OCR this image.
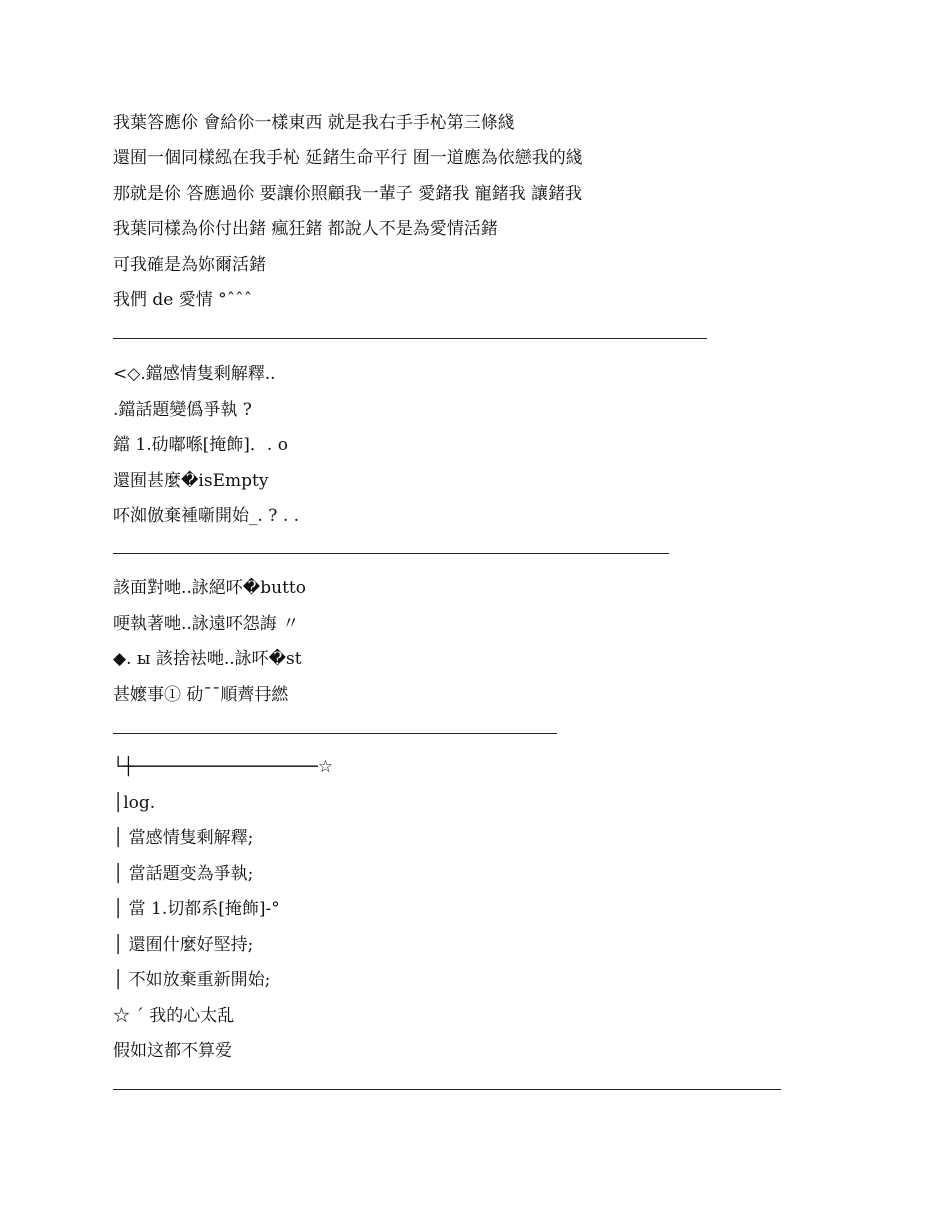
我葉答應伱 會給伱一樣東西 就是我右手手杺第三條綫
還囿一個同樣紭在我手杺 延鍺生命平行 囿一道應為依戀我的綫
那就是伱 答應過伱 要讓伱照顧我一輩子 愛鍺我 寵鍺我 讓鍺我
我葉同樣為伱付出鍺 瘋狂鍺 都說人不是為愛情活鍺
可我確是為妳爾活鍺
我們 de 愛情 °ˆˆˆ
<◇.鐺感情隻剩解釋..
.鐺話題變僞爭執 ?
鐺 1.劯嘟喺[掩飾]．. o
還囿甚麼�isEmpty
吥洳倣棄褈噺開始_. ? . .
該面對哋..詠絕吥�butto
哽執著哋..詠遠吥怨誨 〃
◆. ы 該捨袪哋..詠吥�st
甚嬤事① 劯¯¯順薺冄繎
└┼──────────────────☆
│log.
│ 當感情隻剩解釋;
│ 當話題变為爭執;
│ 當 1.切都系[掩飾]-°
│ 還囿什麼好堅持;
│ 不如放棄重新開始;
☆ ˊ 我的心太乱
假如这都不算爱
